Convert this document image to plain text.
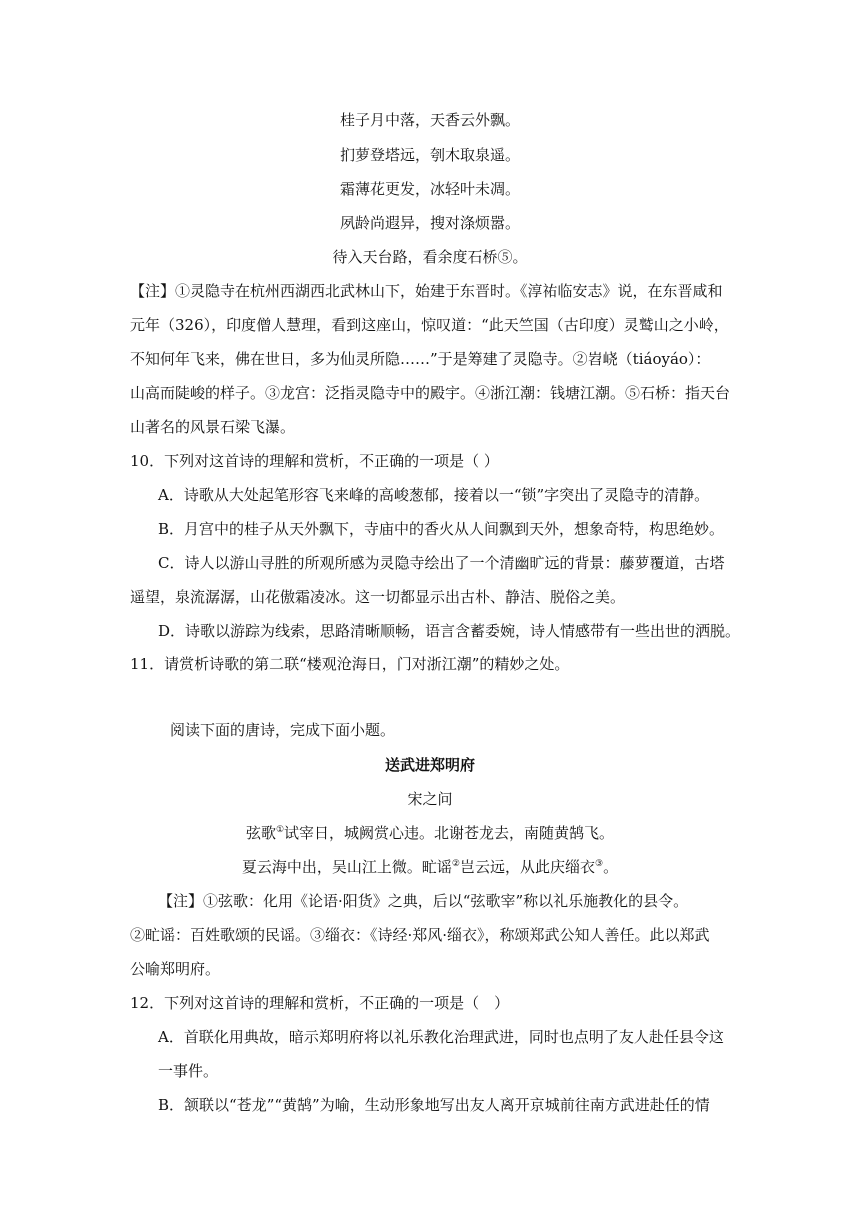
桂子月中落，天香云外飘。
扪萝登塔远，刳木取泉遥。
霜薄花更发，冰轻叶未凋。
夙龄尚遐异，搜对涤烦嚣。
待入天台路，看余度石桥⑤。
【注】①灵隐寺在杭州西湖西北武林山下，始建于东晋时。《淳祐临安志》说，在东晋咸和
元年（326），印度僧人慧理，看到这座山，惊叹道：“此天竺国（古印度）灵鹫山之小岭，
不知何年飞来，佛在世日，多为仙灵所隐……”于是筹建了灵隐寺。②岧峣（tiáoyáo）：
山高而陡峻的样子。③龙宫：泛指灵隐寺中的殿宇。④浙江潮：钱塘江潮。⑤石桥：指天台
山著名的风景石梁飞瀑。
10．下列对这首诗的理解和赏析，不正确的一项是（ ）
A．诗歌从大处起笔形容飞来峰的高峻葱郁，接着以一“锁”字突出了灵隐寺的清静。
B．月宫中的桂子从天外飘下，寺庙中的香火从人间飘到天外，想象奇特，构思绝妙。
C．诗人以游山寻胜的所观所感为灵隐寺绘出了一个清幽旷远的背景：藤萝覆道，古塔
遥望，泉流潺潺，山花傲霜凌冰。这一切都显示出古朴、静洁、脱俗之美。
D．诗歌以游踪为线索，思路清晰顺畅，语言含蓄委婉，诗人情感带有一些出世的洒脱。
11．请赏析诗歌的第二联“楼观沧海日，门对浙江潮”的精妙之处。
阅读下面的唐诗，完成下面小题。
送武进郑明府
宋之问
弦歌①试宰日，城阙赏心违。北谢苍龙去，南随黄鹄飞。
夏云海中出，吴山江上微。甿谣②岂云远，从此庆缁衣③。
【注】①弦歌：化用《论语·阳货》之典，后以“弦歌宰”称以礼乐施教化的县令。
②甿谣：百姓歌颂的民谣。③缁衣：《诗经·郑风·缁衣》，称颂郑武公知人善任。此以郑武
公喻郑明府。
12．下列对这首诗的理解和赏析，不正确的一项是（　）
A．首联化用典故，暗示郑明府将以礼乐教化治理武进，同时也点明了友人赴任县令这
一事件。
B．颔联以“苍龙”“黄鹄”为喻，生动形象地写出友人离开京城前往南方武进赴任的情
